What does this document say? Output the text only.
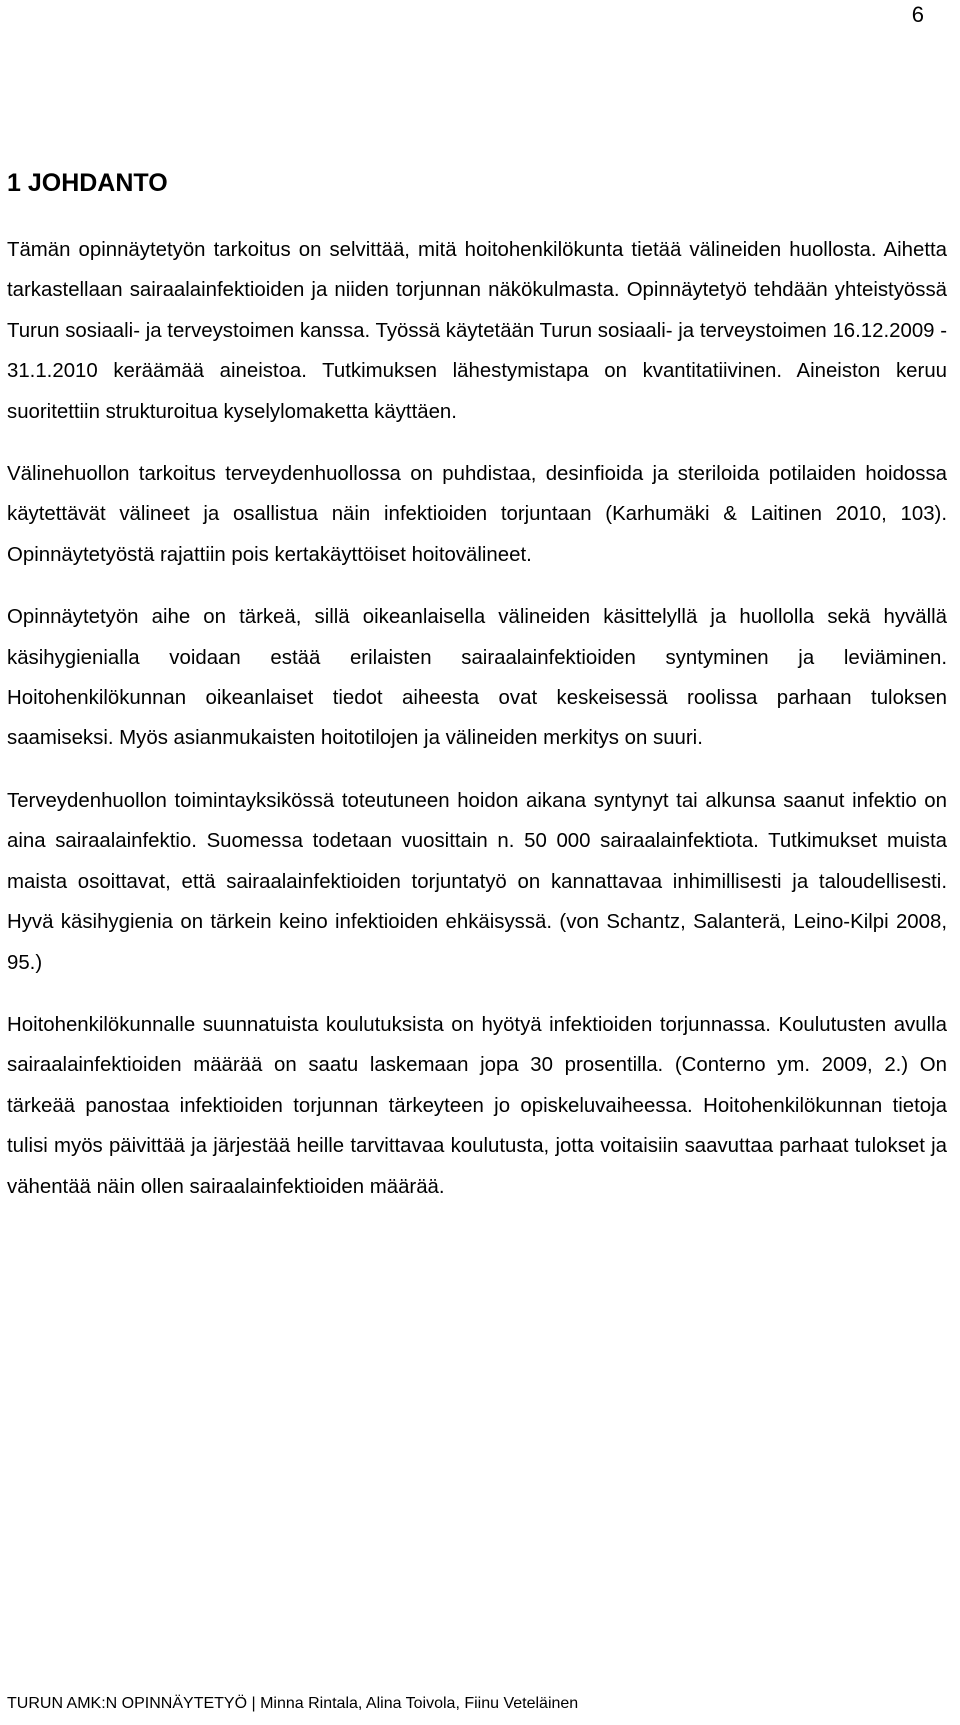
6
1 JOHDANTO

Tämän opinnäytetyön tarkoitus on selvittää, mitä hoitohenkilökunta tietää välineiden huollosta. Aihetta tarkastellaan sairaalainfektioiden ja niiden torjunnan näkökulmasta. Opinnäytetyö tehdään yhteistyössä Turun sosiaali- ja terveystoimen kanssa. Työssä käytetään Turun sosiaali- ja terveystoimen 16.12.2009 - 31.1.2010 keräämää aineistoa. Tutkimuksen lähestymistapa on kvantitatiivinen. Aineiston keruu suoritettiin strukturoitua kyselylomaketta käyttäen.

Välinehuollon tarkoitus terveydenhuollossa on puhdistaa, desinfioida ja steriloida potilaiden hoidossa käytettävät välineet ja osallistua näin infektioiden torjuntaan (Karhumäki & Laitinen 2010, 103). Opinnäytetyöstä rajattiin pois kertakäyttöiset hoitovälineet.

Opinnäytetyön aihe on tärkeä, sillä oikeanlaisella välineiden käsittelyllä ja huollolla sekä hyvällä käsihygienialla voidaan estää erilaisten sairaalainfektioiden syntyminen ja leviäminen. Hoitohenkilökunnan oikeanlaiset tiedot aiheesta ovat keskeisessä roolissa parhaan tuloksen saamiseksi. Myös asianmukaisten hoitotilojen ja välineiden merkitys on suuri.

Terveydenhuollon toimintayksikössä toteutuneen hoidon aikana syntynyt tai alkunsa saanut infektio on aina sairaalainfektio. Suomessa todetaan vuosittain n. 50 000 sairaalainfektiota. Tutkimukset muista maista osoittavat, että sairaalainfektioiden torjuntatyö on kannattavaa inhimillisesti ja taloudellisesti. Hyvä käsihygienia on tärkein keino infektioiden ehkäisyssä. (von Schantz, Salanterä, Leino-Kilpi 2008, 95.)

Hoitohenkilökunnalle suunnatuista koulutuksista on hyötyä infektioiden torjunnassa. Koulutusten avulla sairaalainfektioiden määrää on saatu laskemaan jopa 30 prosentilla. (Conterno ym. 2009, 2.) On tärkeää panostaa infektioiden torjunnan tärkeyteen jo opiskeluvaiheessa. Hoitohenkilökunnan tietoja tulisi myös päivittää ja järjestää heille tarvittavaa koulutusta, jotta voitaisiin saavuttaa parhaat tulokset ja vähentää näin ollen sairaalainfektioiden määrää.

TURUN AMK:N OPINNÄYTETYÖ | Minna Rintala, Alina Toivola, Fiinu Veteläinen
